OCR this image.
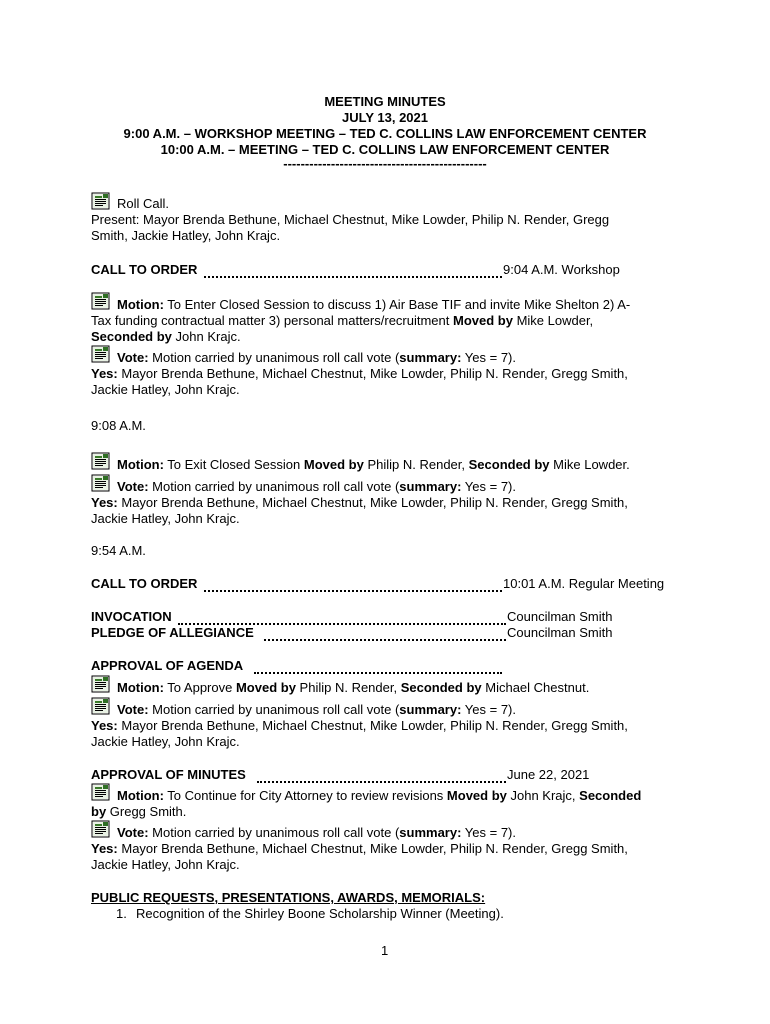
MEETING MINUTES
JULY 13, 2021
9:00 A.M. – WORKSHOP MEETING – TED C. COLLINS LAW ENFORCEMENT CENTER
10:00 A.M. – MEETING – TED C. COLLINS LAW ENFORCEMENT CENTER
-----------------------------------------------
Roll Call.
Present: Mayor Brenda Bethune, Michael Chestnut, Mike Lowder, Philip N. Render, Gregg
Smith, Jackie Hatley, John Krajc.
CALL TO ORDER	9:04 A.M. Workshop
Motion: To Enter Closed Session to discuss 1) Air Base TIF and invite Mike Shelton 2) A-
Tax funding contractual matter 3) personal matters/recruitment Moved by Mike Lowder,
Seconded by John Krajc.
Vote: Motion carried by unanimous roll call vote (summary: Yes = 7).
Yes: Mayor Brenda Bethune, Michael Chestnut, Mike Lowder, Philip N. Render, Gregg Smith,
Jackie Hatley, John Krajc.
9:08 A.M.
Motion: To Exit Closed Session Moved by Philip N. Render, Seconded by Mike Lowder.
Vote: Motion carried by unanimous roll call vote (summary: Yes = 7).
Yes: Mayor Brenda Bethune, Michael Chestnut, Mike Lowder, Philip N. Render, Gregg Smith,
Jackie Hatley, John Krajc.
9:54 A.M.
CALL TO ORDER	10:01 A.M. Regular Meeting
INVOCATION	Councilman Smith
PLEDGE OF ALLEGIANCE	Councilman Smith
APPROVAL OF AGENDA
Motion: To Approve Moved by Philip N. Render, Seconded by Michael Chestnut.
Vote: Motion carried by unanimous roll call vote (summary: Yes = 7).
Yes: Mayor Brenda Bethune, Michael Chestnut, Mike Lowder, Philip N. Render, Gregg Smith,
Jackie Hatley, John Krajc.
APPROVAL OF MINUTES	June 22, 2021
Motion: To Continue for City Attorney to review revisions Moved by John Krajc, Seconded
by Gregg Smith.
Vote: Motion carried by unanimous roll call vote (summary: Yes = 7).
Yes: Mayor Brenda Bethune, Michael Chestnut, Mike Lowder, Philip N. Render, Gregg Smith,
Jackie Hatley, John Krajc.
PUBLIC REQUESTS, PRESENTATIONS, AWARDS, MEMORIALS:
1. Recognition of the Shirley Boone Scholarship Winner (Meeting).
1
